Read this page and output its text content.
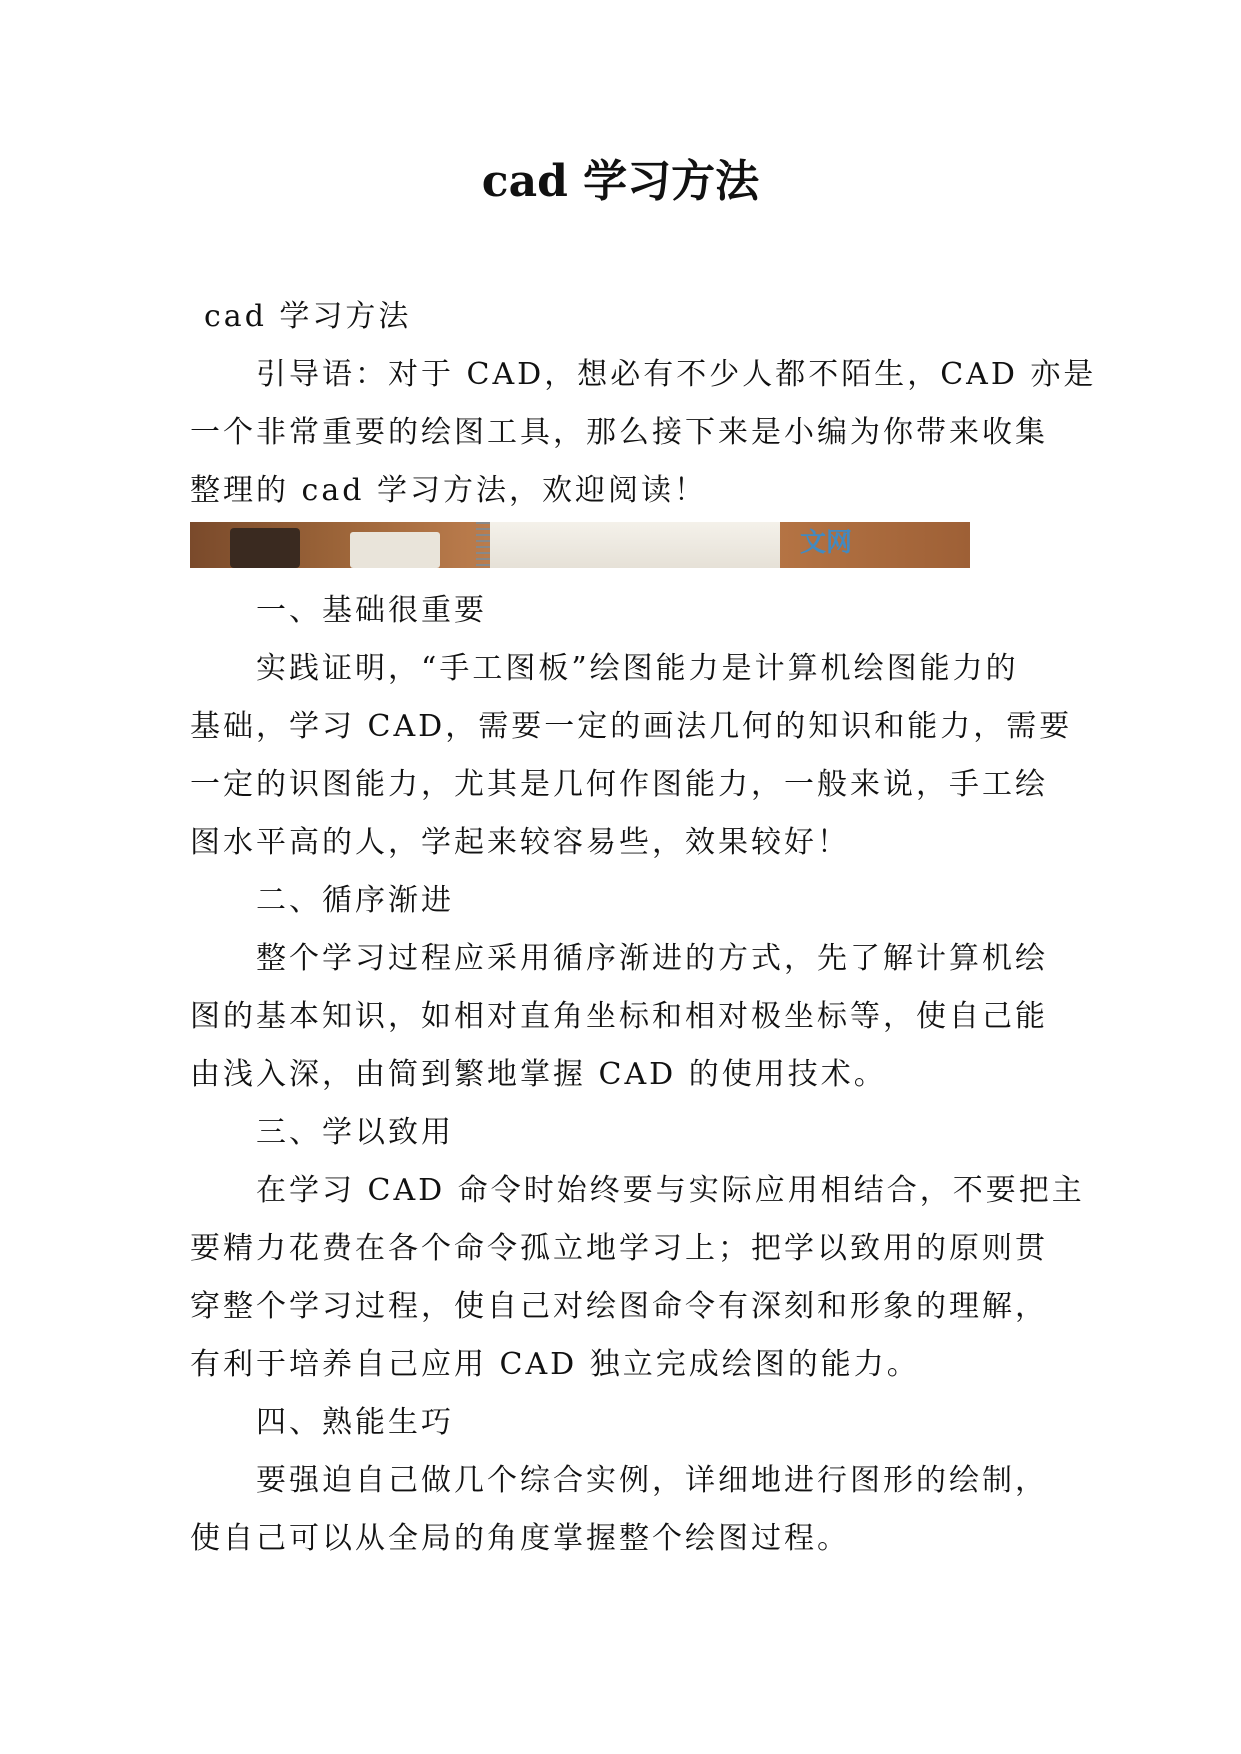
cad 学习方法

cad 学习方法

引导语：对于 CAD，想必有不少人都不陌生，CAD 亦是

一个非常重要的绘图工具，那么接下来是小编为你带来收集

整理的 cad 学习方法，欢迎阅读！

文网

一、基础很重要

实践证明，“手工图板”绘图能力是计算机绘图能力的

基础，学习 CAD，需要一定的画法几何的知识和能力，需要

一定的识图能力，尤其是几何作图能力，一般来说，手工绘

图水平高的人，学起来较容易些，效果较好！

二、循序渐进

整个学习过程应采用循序渐进的方式，先了解计算机绘

图的基本知识，如相对直角坐标和相对极坐标等，使自己能

由浅入深，由简到繁地掌握 CAD 的使用技术。

三、学以致用

在学习 CAD 命令时始终要与实际应用相结合，不要把主

要精力花费在各个命令孤立地学习上；把学以致用的原则贯

穿整个学习过程，使自己对绘图命令有深刻和形象的理解，

有利于培养自己应用 CAD 独立完成绘图的能力。

四、熟能生巧

要强迫自己做几个综合实例，详细地进行图形的绘制，

使自己可以从全局的角度掌握整个绘图过程。
